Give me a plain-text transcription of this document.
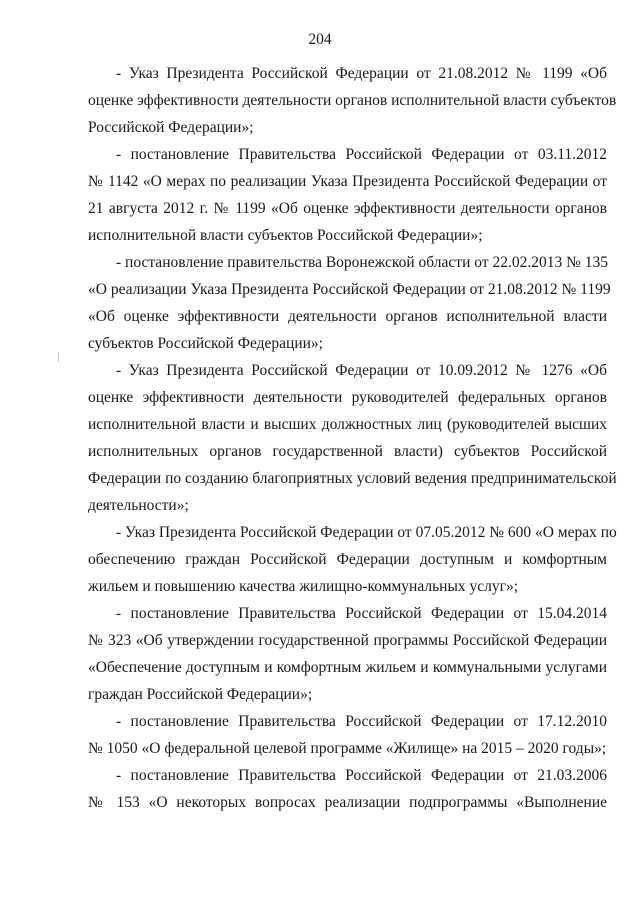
204

- Указ Президента Российской Федерации от 21.08.2012 № 1199 «Об
оценке эффективности деятельности органов исполнительной власти субъектов
Российской Федерации»;

- постановление Правительства Российской Федерации от 03.11.2012
№ 1142 «О мерах по реализации Указа Президента Российской Федерации от
21 августа 2012 г. № 1199 «Об оценке эффективности деятельности органов
исполнительной власти субъектов Российской Федерации»;

- постановление правительства Воронежской области от 22.02.2013 № 135
«О реализации Указа Президента Российской Федерации от 21.08.2012 № 1199
«Об оценке эффективности деятельности органов исполнительной власти
субъектов Российской Федерации»;

- Указ Президента Российской Федерации от 10.09.2012 № 1276 «Об
оценке эффективности деятельности руководителей федеральных органов
исполнительной власти и высших должностных лиц (руководителей высших
исполнительных органов государственной власти) субъектов Российской
Федерации по созданию благоприятных условий ведения предпринимательской
деятельности»;

- Указ Президента Российской Федерации от 07.05.2012 № 600 «О мерах по
обеспечению граждан Российской Федерации доступным и комфортным
жильем и повышению качества жилищно-коммунальных услуг»;

- постановление Правительства Российской Федерации от 15.04.2014
№ 323 «Об утверждении государственной программы Российской Федерации
«Обеспечение доступным и комфортным жильем и коммунальными услугами
граждан Российской Федерации»;

- постановление Правительства Российской Федерации от 17.12.2010
№ 1050 «О федеральной целевой программе «Жилище» на 2015 – 2020 годы»;

- постановление Правительства Российской Федерации от 21.03.2006
№ 153 «О некоторых вопросах реализации подпрограммы «Выполнение
